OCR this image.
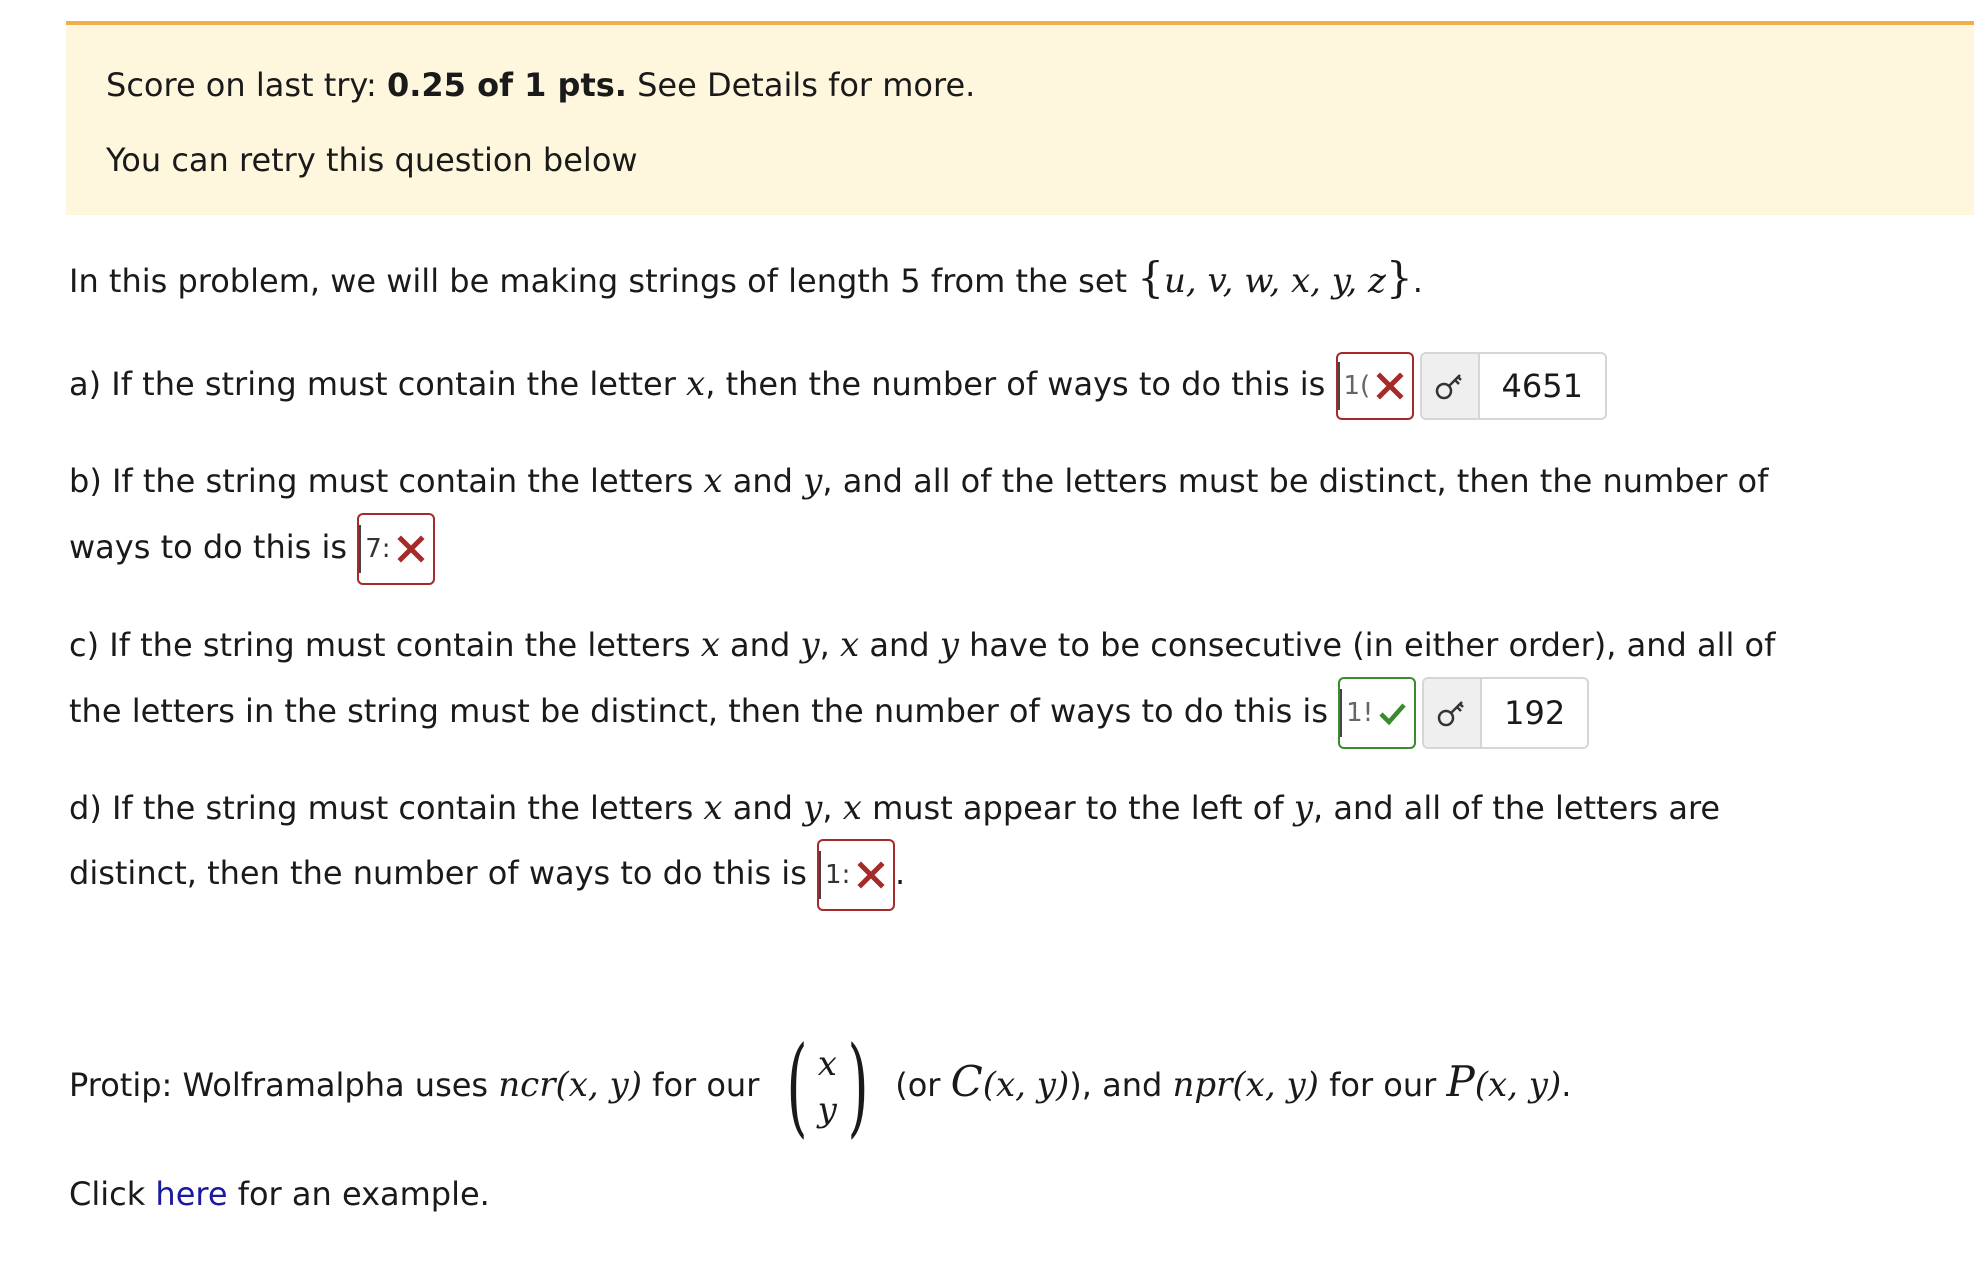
Score on last try: 0.25 of 1 pts. See Details for more.

You can retry this question below

In this problem, we will be making strings of length 5 from the set {u, v, w, x, y, z}.
a) If the string must contain the letter x, then the number of ways to do this is 1(	4651
b) If the string must contain the letters x and y, and all of the letters must be distinct, then the number of
ways to do this is 7:
c) If the string must contain the letters x and y, x and y have to be consecutive (in either order), and all of
the letters in the string must be distinct, then the number of ways to do this is 1!	192
d) If the string must contain the letters x and y, x must appear to the left of y, and all of the letters are
distinct, then the number of ways to do this is 1: .
Protip: Wolframalpha uses ncr(x, y) for our ( x
y ) (or C(x, y)), and npr(x, y) for our P(x, y).
Click here for an example.
